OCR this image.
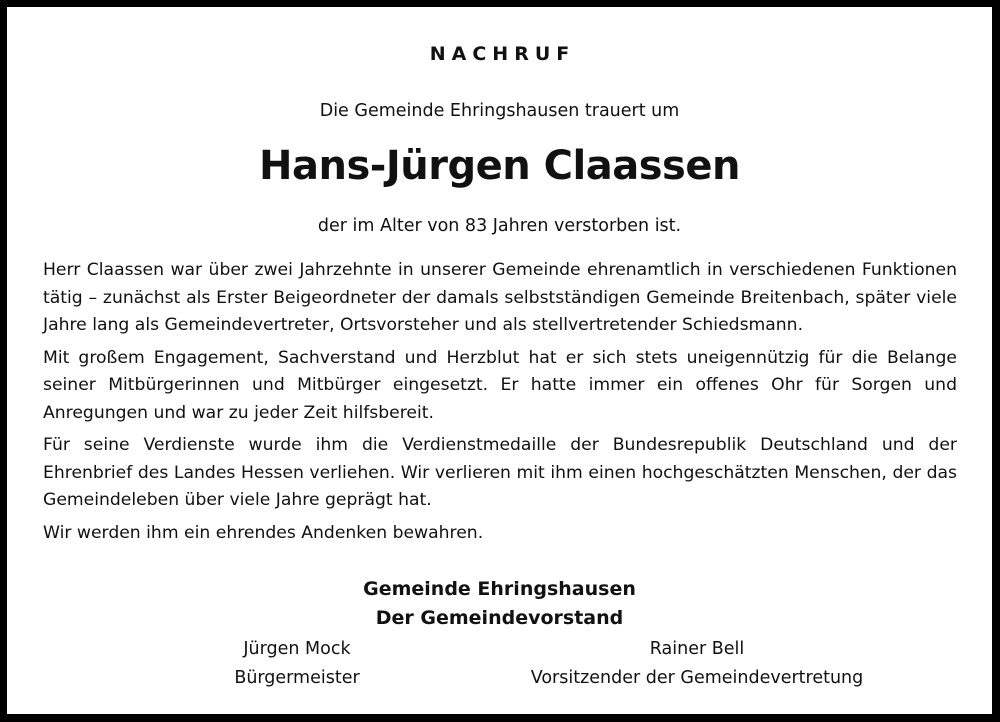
NACHRUF
Die Gemeinde Ehringshausen trauert um
Hans-Jürgen Claassen
der im Alter von 83 Jahren verstorben ist.

Herr Claassen war über zwei Jahrzehnte in unserer Gemeinde ehrenamtlich in verschiedenen Funktionen tätig – zunächst als Erster Beigeordneter der damals selbstständigen Gemeinde Breitenbach, später viele Jahre lang als Gemeindevertreter, Ortsvorsteher und als stellvertretender Schiedsmann.

Mit großem Engagement, Sachverstand und Herzblut hat er sich stets uneigennützig für die Belange seiner Mitbürgerinnen und Mitbürger eingesetzt. Er hatte immer ein offenes Ohr für Sorgen und Anregungen und war zu jeder Zeit hilfsbereit.

Für seine Verdienste wurde ihm die Verdienstmedaille der Bundesrepublik Deutschland und der Ehrenbrief des Landes Hessen verliehen. Wir verlieren mit ihm einen hochgeschätzten Menschen, der das Gemeindeleben über viele Jahre geprägt hat.

Wir werden ihm ein ehrendes Andenken bewahren.

Gemeinde Ehringshausen
Der Gemeindevorstand
Jürgen Mock
Bürgermeister
Rainer Bell
Vorsitzender der Gemeindevertretung
